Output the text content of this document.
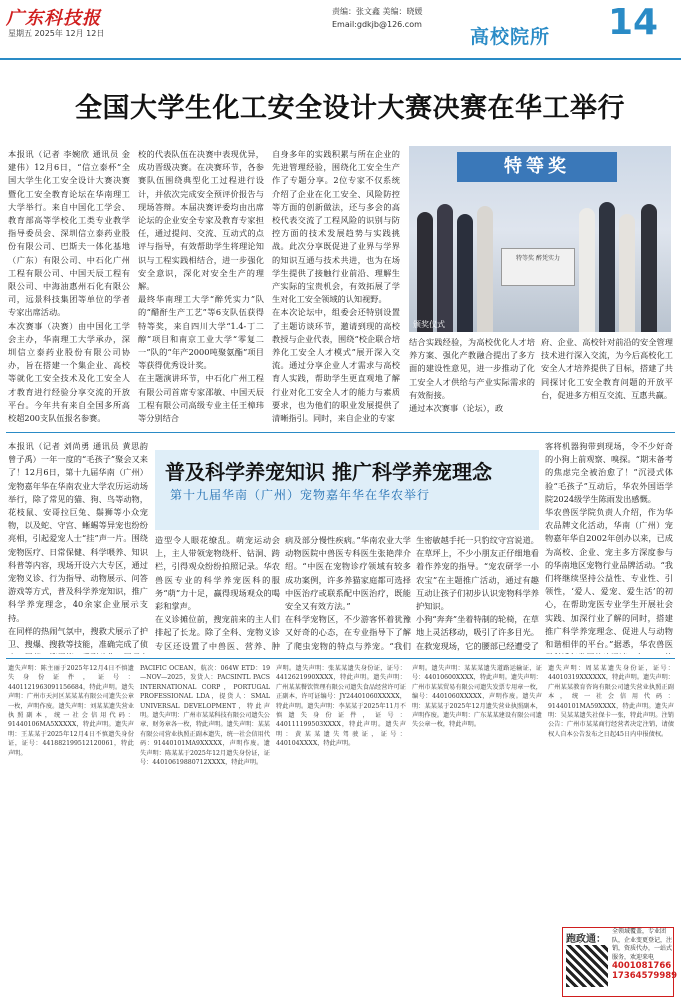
广东科技报
星期五 2025年 12月 12日
责编：张文鑫 美编：晓媛
Email:gdkjb@126.com
高校院所 14
全国大学生化工安全设计大赛决赛在华工举行
本报讯（记者 李婉欣 通讯员 金建伟）12月6日，“信立泰杯”全国大学生化工安全设计大赛决赛暨化工安全教育论坛在华南理工大学举行。来自中国化工学会、教育部高等学校化工类专业教学指导委员会、深圳信立泰药业股份有限公司、巴斯夫一体化基地（广东）有限公司、中石化广州工程有限公司、中国天辰工程有限公司、中海油惠州石化有限公司，远景科技集团等单位的学者专家出席活动。
本次赛事（决赛）由中国化工学会主办，华南理工大学承办，深圳信立泰药业股份有限公司协办，旨在搭建一个集企业、高校等就化工安全技术及化工安全人才教育进行经验分享交流的开放平台。今年共有来自全国多所高校超200支队伍报名参赛。

校的代表队伍在决赛中表现优异，成功晋级决赛。在决赛环节，各参赛队伍围绕典型化工过程进行设计，并依次完成安全预评价报告与现场答辩。本届决赛评委均由出席论坛的企业安全专家及教育专家担任，通过提问、交流、互动式的点评与指导，有效帮助学生将理论知识与工程实践相结合，进一步强化安全意识，深化对安全生产的理解。
最终华南理工大学“醉凭实力”队的“醋酐生产工艺”等6支队伍获得特等奖，来自四川大学“1.4-丁二醇”项目和南京工业大学“零复二一”队的“年产2000吨聚氨酯”项目等获得优秀设计奖。
在主题演讲环节，中石化广州工程有限公司首席专家邵敏、中国天辰工程有限公司高级专业主任王樟玮等分别结合
自身多年的实践积累与所在企业的先进管理经验，围绕化工安全生产作了专题分享。2位专家不仅系统介绍了企业在化工安全、风险防控等方面的创新做法，还与多会的高校代表交流了工程风险的识别与防控方面的技术发展趋势与实践挑战。此次分享既促进了业界与学界的知识互通与技术共进，也为在场学生提供了接触行业前沿、理解生产实际的宝贵机会，有效拓展了学生对化工安全领域的认知视野。
在本次论坛中，组委会还特别设置了主题访谈环节，邀请到现的高校教授与企业代表，围绕“校企联合培养化工安全人才模式”展开深入交流。通过分享企业人才需求与高校育人实践，帮助学生更直观地了解行业对化工安全人才的能力与素质要求，也为他们的职业发展提供了清晰指引。同时，来自企业的专家
特等奖
特等奖 醉凭实力
颁奖仪式
结合实践经验，为高校优化人才培养方案、强化产教融合提出了多方面的建设性意见，进一步推动了化工安全人才供给与产业实际需求的有效衔接。
通过本次赛事（论坛），政
府、企业、高校针对前沿的安全管理技术进行深入交流，为今后高校化工安全人才培养提供了目标，搭建了共同探讨化工安全教育问题的开放平台，促进多方相互交流、互惠共赢。
本报讯（记者 刘尚勇 通讯员 黄思韵 曾子禹）一年一度的“毛孩子”聚会又来了！12月6日，第十九届华南（广州）宠物嘉年华在华南农业大学农历运动场举行，除了常见的猫、狗、鸟等动物，花枝鼠、安哥拉巨兔、鬃狮等小众宠物，以及蛇、守宫、蜥蜴等异宠也纷纷亮相，引起爱宠人士“挂”声一片。围绕宠物医疗、日常保健、科学喂养、知识科普等内容，现场开设六大专区，通过宠物义诊、行为指导、动物展示、问答游戏等方式，普及科学养宠知识，推广科学养宠理念，40余家企业展示支持。
在同样的热闹气氛中，搜救犬展示了护卫、搜爆、搜救等技能，准确完成了侦
普及科学养宠知识 推广科学养宠理念
第十九届华南（广州）宠物嘉年华在华农举行
造型令人眼花缭乱。萌宠运动会上，主人带领宠物绕杆、钻洞、跨栏，引得观众纷纷拍照记录。华农兽医专业的科学养宠医科的服务“萌”力十足，赢得现场观众的喝彩和掌声。
在义诊摊位前，搜宠前来的主人们排起了长龙。除了全科、宠物义诊专区还设置了中兽医、营养、肿

病及部分慢性疾病。”华南农业大学动物医院中兽医专科医生张艳萍介绍。“中医在宠物诊疗领域有较多成功案例，许多养猫家庭都可选择中医治疗或联系配中医治疗，既能安全又有效方法。”
在科学宠物区，不少游客怀着犹豫又好奇的心态，在专业指导下了解了爬虫宠物的特点与养宠。“我们
生密敏越手托一只豹纹守宫说道。
在草坪上，不少小朋友正仔细地看着作养宠的指导。“宠农研学一小农宝”在主题推广活动，通过有趣互动让孩子们初步认识宠物科学养护知识。
小狗“奔奔”坐着特制的轮椅，在草地上灵活移动，吸引了许多目光。在救宠现场，它的腰部已经遭受了
客将机器狗带到现场，令不少好奇的小狗上前观察、嗅探。“期末备考的焦虑完全被治愈了！”沉浸式体验“毛孩子”互动后，华农外国语学院2024级学生陈雨发出感慨。
华农兽医学院负责人介绍，作为华农品牌文化活动，华南（广州）宠物嘉年华自2002年创办以来，已成为高校、企业、宠主多方深度参与的华南地区宠物行业品牌活动。“我们将继续坚持公益性、专业性、引领性，‘爱人、爱宠、爱生活’的初心，在帮助宠医专业学生开展社会实践、加深行业了解的同时，搭建推广科学养宠理念、促进人与动物和谐相伴的平台。”据悉，华农兽医
遗失声明：陈主丽于2025年12月4日不慎遗失身份证件，证号：4401121963091156684，特此声明。遗失声明：广州市天河区某某某有限公司遗失公章一枚，声明作废。遗失声明：刘某某遗失营业执照副本，统一社会信用代码：91440106MA5XXXXX，特此声明。遗失声明：王某某于2025年12月4日不慎遗失身份证，证号：441882199512120061，特此声明。
PACIFIC OCEAN，航次：064W ETD：19—NOV—2025，发货人：PACSINTL PACS INTERNATIONAL CORP，PORTUGAL PROFESSIONAL LDA，提货人：SMAL UNIVERSAL DEVELOPMENT，特此声明。遗失声明：广州市某某科技有限公司遗失公章、财务章各一枚，特此声明。遗失声明：某某有限公司营业执照正副本遗失，统一社会信用代码：91440101MA9XXXXX，声明作废。遗失声明：陈某某于2025年12月遗失身份证，证号：44010619880712XXXX，特此声明。
声明。遗失声明：张某某遗失身份证，证号：4412621990XXXX，特此声明。遗失声明：广州某某餐饮管理有限公司遗失食品经营许可证正副本，许可证编号：JY24401060XXXXX，特此声明。遗失声明：李某某于2025年11月不慎遗失身份证件，证号：440111199503XXXX，特此声明。遗失声明：黄某某遗失驾驶证，证号：440104XXXX，特此声明。
声明。遗失声明：某某某遗失道路运输证，证号：44010600XXXX，特此声明。遗失声明：广州市某某贸易有限公司遗失发票专用章一枚，编号：4401060XXXXX，声明作废。遗失声明：某某某于2025年12月遗失营业执照副本，声明作废。遗失声明：广东某某建设有限公司遗失公章一枚，特此声明。
遗失声明：周某某遗失身份证，证号：44010319XXXXXX，特此声明。遗失声明：广州某某教育咨询有限公司遗失营业执照正副本，统一社会信用代码：91440101MA59XXXX，特此声明。遗失声明：吴某某遗失社保卡一张，特此声明。注销公告：广州市某某商行经营者决定注销，请债权人自本公告发布之日起45日内申报债权。
跑政通：
全领域覆盖，专业团队，企业变更登记，注销，资质代办，一站式服务，欢迎来电
4001081766
17364579989
